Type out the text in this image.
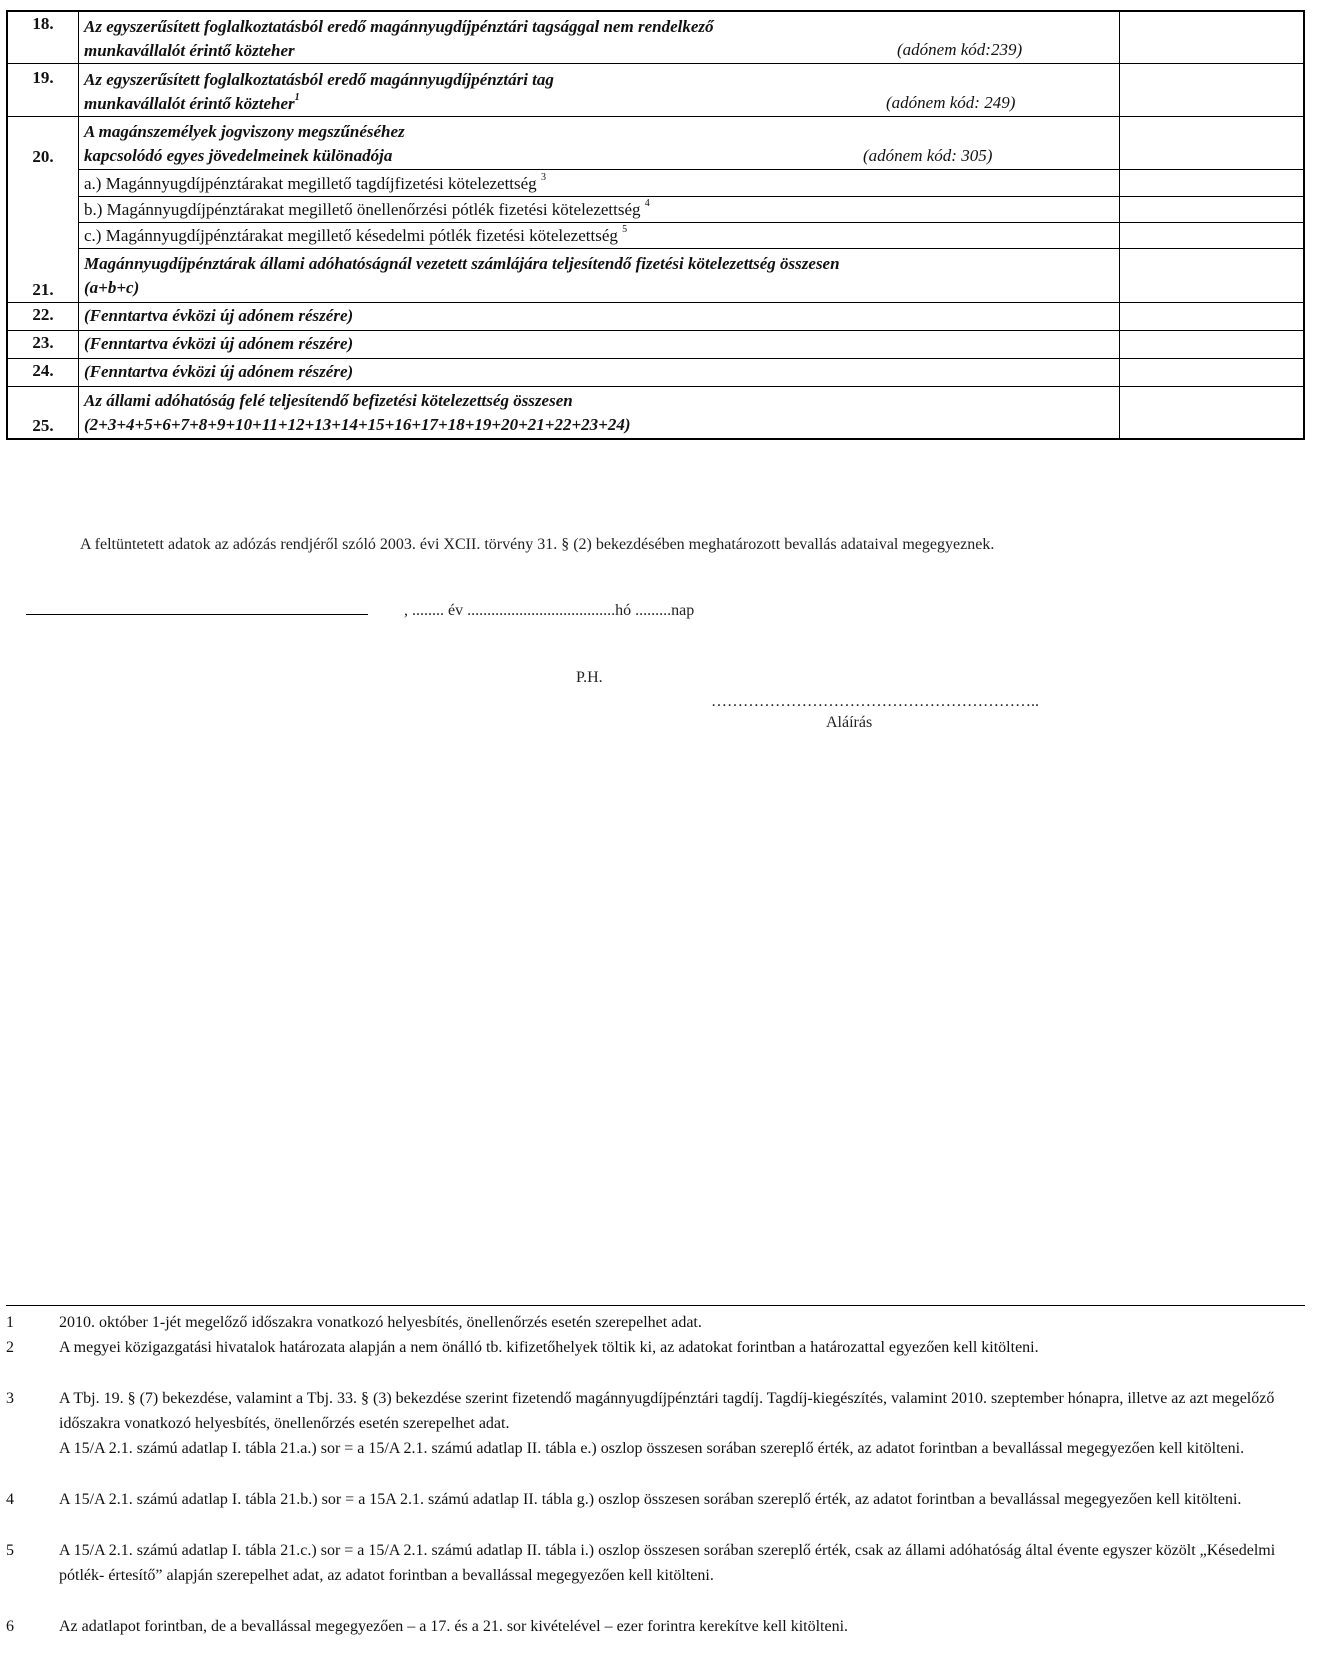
18.	Az egyszerűsített foglalkoztatásból eredő magánnyugdíjpénztári tagsággal nem rendelkező
munkavállalót érintő közteher	(adónem kód:239)
19.	Az egyszerűsített foglalkoztatásból eredő magánnyugdíjpénztári tag
munkavállalót érintő közteher$^1$	(adónem kód: 249)
20.
A magánszemélyek jogviszony megszűnéséhez
kapcsolódó egyes jövedelmeinek különadója	(adónem kód: 305)
a.) Magánnyugdíjpénztárakat megillető tagdíjfizetési kötelezettség $^3$
b.) Magánnyugdíjpénztárakat megillető önellenőrzési pótlék fizetési kötelezettség $^4$
c.) Magánnyugdíjpénztárakat megillető késedelmi pótlék fizetési kötelezettség $^5$
21.
Magánnyugdíjpénztárak állami adóhatóságnál vezetett számlájára teljesítendő fizetési kötelezettség összesen
(a+b+c)
22.	(Fenntartva évközi új adónem részére)
23.	(Fenntartva évközi új adónem részére)
24.	(Fenntartva évközi új adónem részére)
25.
Az állami adóhatóság felé teljesítendő befizetési kötelezettség összesen
(2+3+4+5+6+7+8+9+10+11+12+13+14+15+16+17+18+19+20+21+22+23+24)
A feltüntetett adatok az adózás rendjéről szóló 2003. évi XCII. törvény 31. § (2) bekezdésében meghatározott bevallás adataival megegyeznek.
, ........ év .....................................hó .........nap
P.H.
……………………………………………………..
Aláírás
1	2010. október 1-jét megelőző időszakra vonatkozó helyesbítés, önellenőrzés esetén szerepelhet adat.
2	A megyei közigazgatási hivatalok határozata alapján a nem önálló tb. kifizetőhelyek töltik ki, az adatokat forintban a határozattal egyezően kell kitölteni.
3	A Tbj. 19. § (7) bekezdése, valamint a Tbj. 33. § (3) bekezdése szerint fizetendő magánnyugdíjpénztári tagdíj. Tagdíj-kiegészítés, valamint 2010. szeptember hónapra, illetve az azt megelőző időszakra vonatkozó helyesbítés, önellenőrzés esetén szerepelhet adat.
A 15/A 2.1. számú adatlap I. tábla 21.a.) sor = a 15/A 2.1. számú adatlap II. tábla e.) oszlop összesen sorában szereplő érték, az adatot forintban a bevallással megegyezően kell kitölteni.
4	A 15/A 2.1. számú adatlap I. tábla 21.b.) sor = a 15A 2.1. számú adatlap II. tábla g.) oszlop összesen sorában szereplő érték, az adatot forintban a bevallással megegyezően kell kitölteni.
5	A 15/A 2.1. számú adatlap I. tábla 21.c.) sor = a 15/A 2.1. számú adatlap II. tábla i.) oszlop összesen sorában szereplő érték, csak az állami adóhatóság által évente egyszer közölt „Késedelmi pótlék- értesítő” alapján szerepelhet adat, az adatot forintban a bevallással megegyezően kell kitölteni.
6	Az adatlapot forintban, de a bevallással megegyezően – a 17. és a 21. sor kivételével – ezer forintra kerekítve kell kitölteni.
